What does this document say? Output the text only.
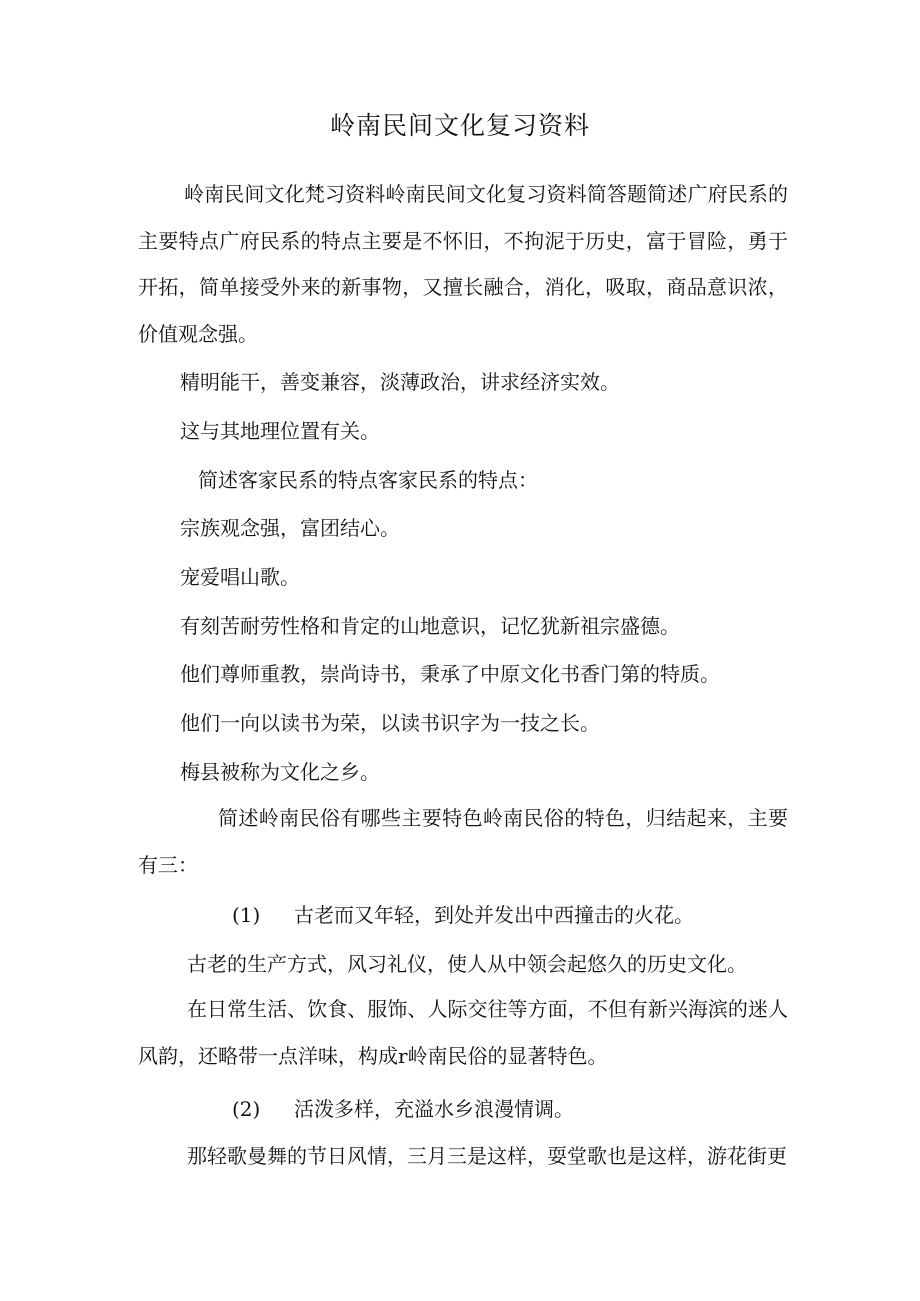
岭南民间文化复习资料

岭南民间文化梵习资料岭南民间文化复习资料简答题简述广府民系的主要特点广府民系的特点主要是不怀旧，不拘泥于历史，富于冒险，勇于开拓，简单接受外来的新事物，又擅长融合，消化，吸取，商品意识浓，价值观念强。

精明能干，善变兼容，淡薄政治，讲求经济实效。

这与其地理位置有关。

简述客家民系的特点客家民系的特点：

宗族观念强，富团结心。

宠爱唱山歌。

有刻苦耐劳性格和肯定的山地意识，记忆犹新祖宗盛德。

他们尊师重教，崇尚诗书，秉承了中原文化书香门第的特质。

他们一向以读书为荣，以读书识字为一技之长。

梅县被称为文化之乡。

简述岭南民俗有哪些主要特色岭南民俗的特色，归结起来，主要有三：

(1) 古老而又年轻，到处并发出中西撞击的火花。

古老的生产方式，风习礼仪，使人从中领会起悠久的历史文化。

在日常生活、饮食、服饰、人际交往等方面，不但有新兴海滨的迷人风韵，还略带一点洋味，构成r岭南民俗的显著特色。

(2) 活泼多样，充溢水乡浪漫情调。

那轻歌曼舞的节日风情，三月三是这样，耍堂歌也是这样，游花街更
